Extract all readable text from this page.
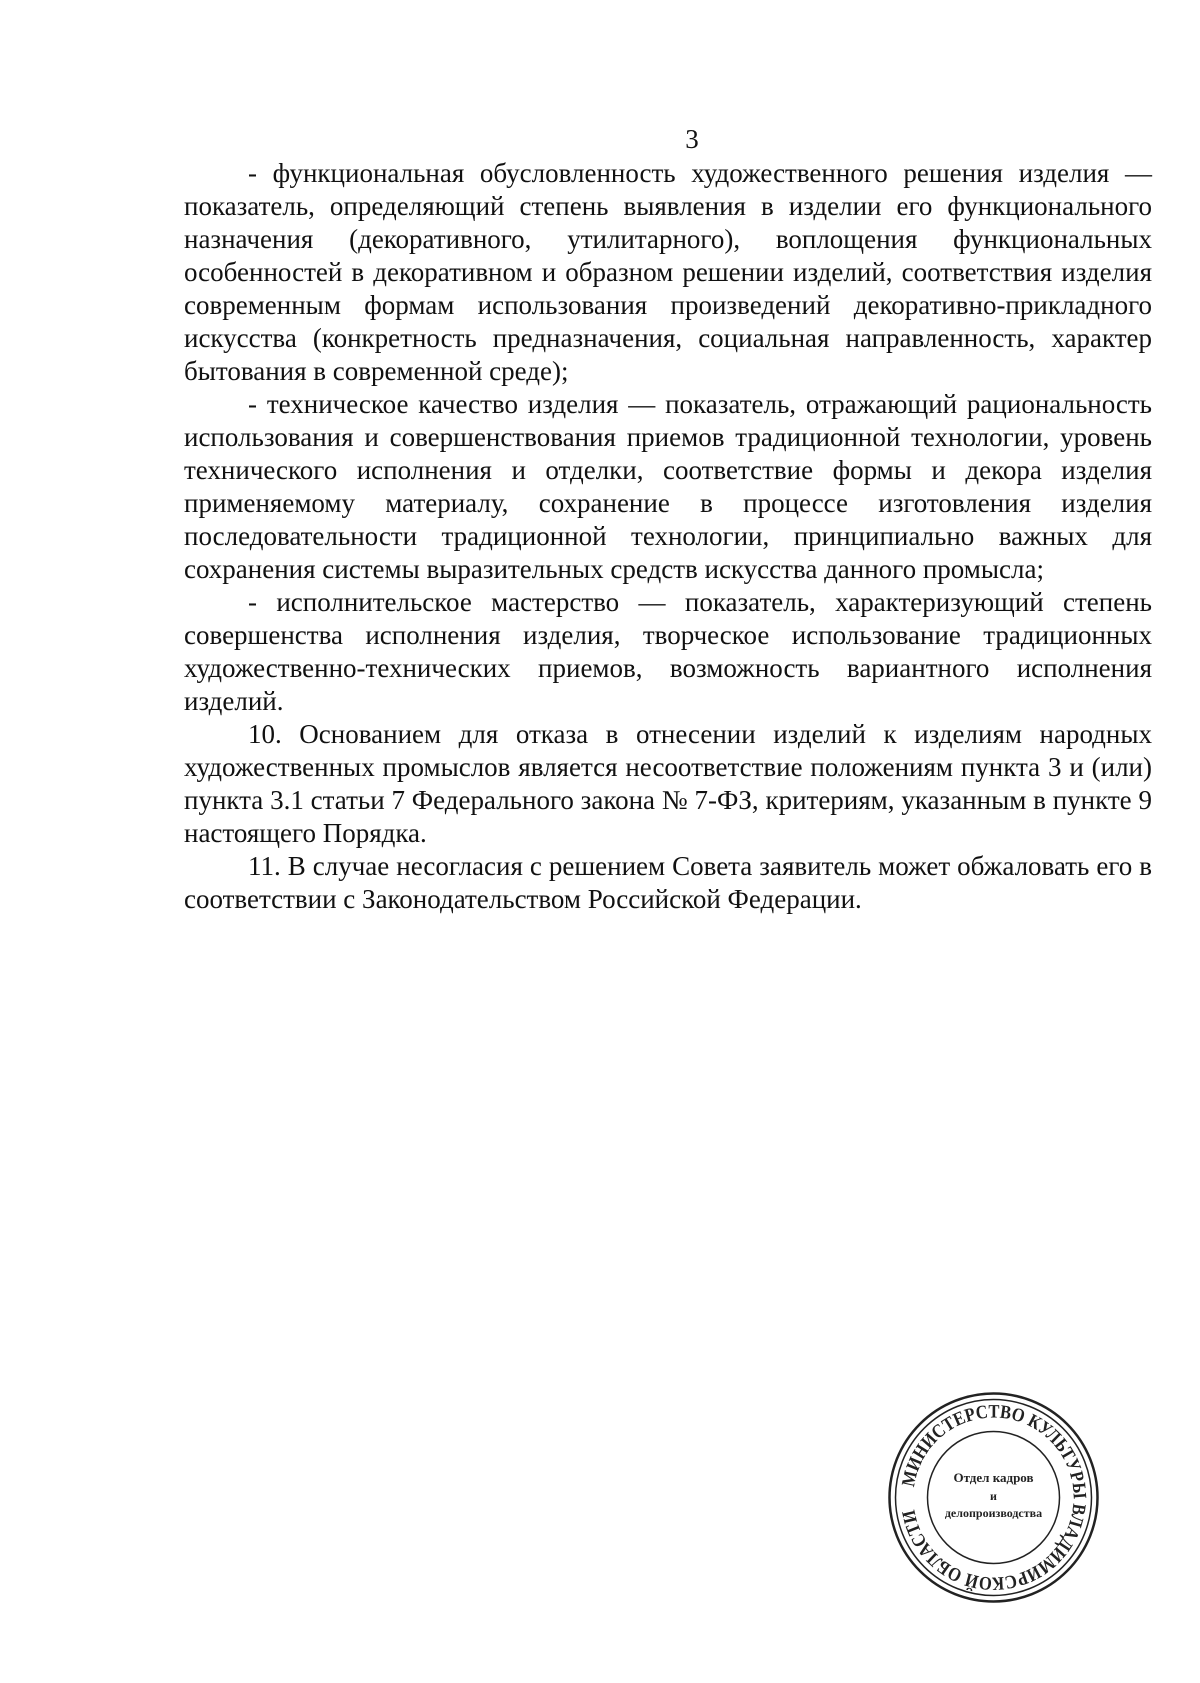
3

- функциональная обусловленность художественного решения изделия — показатель, определяющий степень выявления в изделии его функционального назначения (декоративного, утилитарного), воплощения функциональных особенностей в декоративном и образном решении изделий, соответствия изделия современным формам использования произведений декоративно-прикладного искусства (конкретность предназначения, социальная направленность, характер бытования в современной среде);

- техническое качество изделия — показатель, отражающий рациональность использования и совершенствования приемов традиционной технологии, уровень технического исполнения и отделки, соответствие формы и декора изделия применяемому материалу, сохранение в процессе изготовления изделия последовательности традиционной технологии, принципиально важных для сохранения системы выразительных средств искусства данного промысла;

- исполнительское мастерство — показатель, характеризующий степень совершенства исполнения изделия, творческое использование традиционных художественно-технических приемов, возможность вариантного исполнения изделий.

10. Основанием для отказа в отнесении изделий к изделиям народных художественных промыслов является несоответствие положениям пункта 3 и (или) пункта 3.1 статьи 7 Федерального закона № 7-ФЗ, критериям, указанным в пункте 9 настоящего Порядка.

11. В случае несогласия с решением Совета заявитель может обжаловать его в соответствии с Законодательством Российской Федерации.

МИНИСТЕРСТВО КУЛЬТУРЫ ВЛАДИМИРСКОЙ ОБЛАСТИ
Отдел кадров
и
делопроизводства
